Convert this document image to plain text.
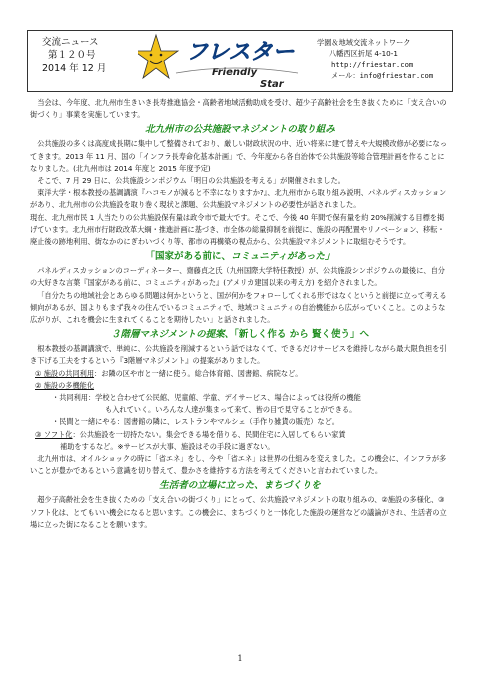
交流ニュース
第１２０号
2014 年 12 月
フレスター
Friendly
Star
学園＆地域交流ネットワーク
八幡西区折尾 4-10-1
http://friestar.com
メール：info@friestar.com

当会は、今年度、北九州市生きいき長寿推進協会・高齢者地域活動助成を受け、超少子高齢社会を生き抜くために「支え合いの街づくり」事業を実施しています。

北九州市の公共施設マネジメントの取り組み

公共施設の多くは高度成長期に集中して整備されており、厳しい財政状況の中、近い将来に建て替えや大規模改修が必要になってきます。2013 年 11 月、国の「インフラ長寿命化基本計画」で、今年度から各自治体で公共施設等総合管理計画を作ることになりました。(北九州市は 2014 年度と 2015 年度予定)

そこで、7 月 29 日に、公共施設シンポジウム「明日の公共施設を考える」が開催されました。

東洋大学・根本教授の基調講演『ハコモノが減ると不幸になりますか?』、北九州市から取り組み説明、パネルディスカッションがあり、北九州市の公共施設を取り巻く現状と課題、公共施設マネジメントの必要性が話されました。

現在、北九州市民 1 人当たりの公共施設保有量は政令市で最大です。そこで、今後 40 年間で保有量を約 20%削減する目標を掲げています。北九州市行財政改革大綱・推進計画に基づき、市全体の総量抑制を前提に、施設の再配置やリノベーション、移転・廃止後の跡地利用、街なかのにぎわいづくり等、都市の再構築の視点から、公共施設マネジメントに取組むそうです。

「国家がある前に、コミュニティがあった」

パネルディスカッションのコーディネーター、齋藤貞之氏（九州国際大学特任教授）が、公共施設シンポジウムの最後に、自分の大好きな言葉『国家がある前に、コミュニティがあった』(アメリカ建国以来の考え方) を紹介されました。

「自分たちの地域社会とあらゆる問題は何かというと、国が何かをフォローしてくれる形ではなくというと前提に立って考える傾向があるが、国よりもまず我々の住んでいるコミュニティで、地域コミュニティの自治機能から広がっていくこと。このような広がりが、これを機会に生まれてくることを期待したい」と話されました。

３階層マネジメントの提案、「新しく作る から 賢く使う」へ

根本教授の基調講演で、単純に、公共施設を削減するという話ではなくて、できるだけサービスを維持しながら最大限負担を引き下げる工夫をするという『3階層マネジメント』の提案がありました。

① 施設の共同利用：お隣の区や市と一緒に使う。総合体育館、図書館、病院など。
② 施設の多機能化
・共同利用：学校と合わせて公民館、児童館、学童、デイサービス、場合によっては役所の機能
も入れていく。いろんな人達が集まって来て、皆の目で見守ることができる。
・民間と一緒にやる：図書館の隣に、レストランやマルシェ（手作り雑貨の販売）など。
③ ソフト化：公共施設を一切持たない。集会できる場を借りる、民間住宅に入居してもらい家賃
補助をするなど。※サービスが大事、施設はその手段に過ぎない。

北九州市は、オイルショックの時に「省エネ」をし、今や「省エネ」は世界の仕組みを変えました。この機会に、インフラが多いことが豊かであるという意識を切り替えて、豊かさを維持する方法を考えてくださいと言われていました。

生活者の立場に立った、まちづくりを

超少子高齢社会を生き抜くための「支え合いの街づくり」にとって、公共施設マネジメントの取り組みの、②施設の多様化、③ソフト化は、とてもいい機会になると思います。この機会に、まちづくりと一体化した施設の運営などの議論がされ、生活者の立場に立った街になることを願います。

1
